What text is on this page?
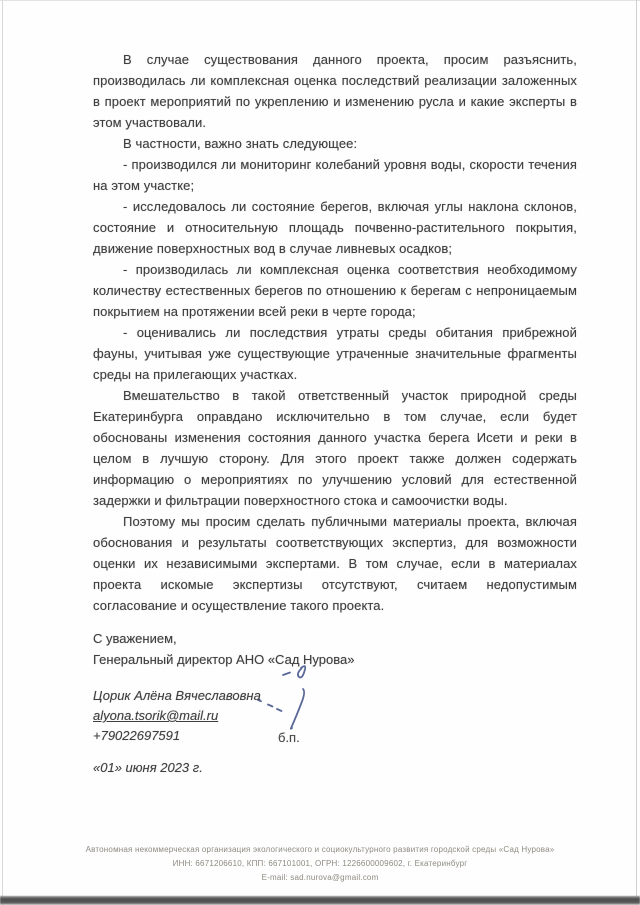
В случае существования данного проекта, просим разъяснить, производилась ли комплексная оценка последствий реализации заложенных в проект мероприятий по укреплению и изменению русла и какие эксперты в этом участвовали.

В частности, важно знать следующее:

- производился ли мониторинг колебаний уровня воды, скорости течения на этом участке;

- исследовалось ли состояние берегов, включая углы наклона склонов, состояние и относительную площадь почвенно-растительного покрытия, движение поверхностных вод в случае ливневых осадков;

- производилась ли комплексная оценка соответствия необходимому количеству естественных берегов по отношению к берегам с непроницаемым покрытием на протяжении всей реки в черте города;

- оценивались ли последствия утраты среды обитания прибрежной фауны, учитывая уже существующие утраченные значительные фрагменты среды на прилегающих участках.

Вмешательство в такой ответственный участок природной среды Екатеринбурга оправдано исключительно в том случае, если будет обоснованы изменения состояния данного участка берега Исети и реки в целом в лучшую сторону. Для этого проект также должен содержать информацию о мероприятиях по улучшению условий для естественной задержки и фильтрации поверхностного стока и самоочистки воды.

Поэтому мы просим сделать публичными материалы проекта, включая обоснования и результаты соответствующих экспертиз, для возможности оценки их независимыми экспертами. В том случае, если в материалах проекта искомые экспертизы отсутствуют, считаем недопустимым согласование и осуществление такого проекта.

С уважением,
Генеральный директор АНО «Сад Нурова»
Цорик Алёна Вячеславовна
alyona.tsorik@mail.ru
+79022697591	б.п.
«01» июня 2023 г.
Автономная некоммерческая организация экологического и социокультурного развития городской среды «Сад Нурова»
ИНН: 6671206610, КПП: 667101001, ОГРН: 1226600009602, г. Екатеринбург
E-mail: sad.nurova@gmail.com
